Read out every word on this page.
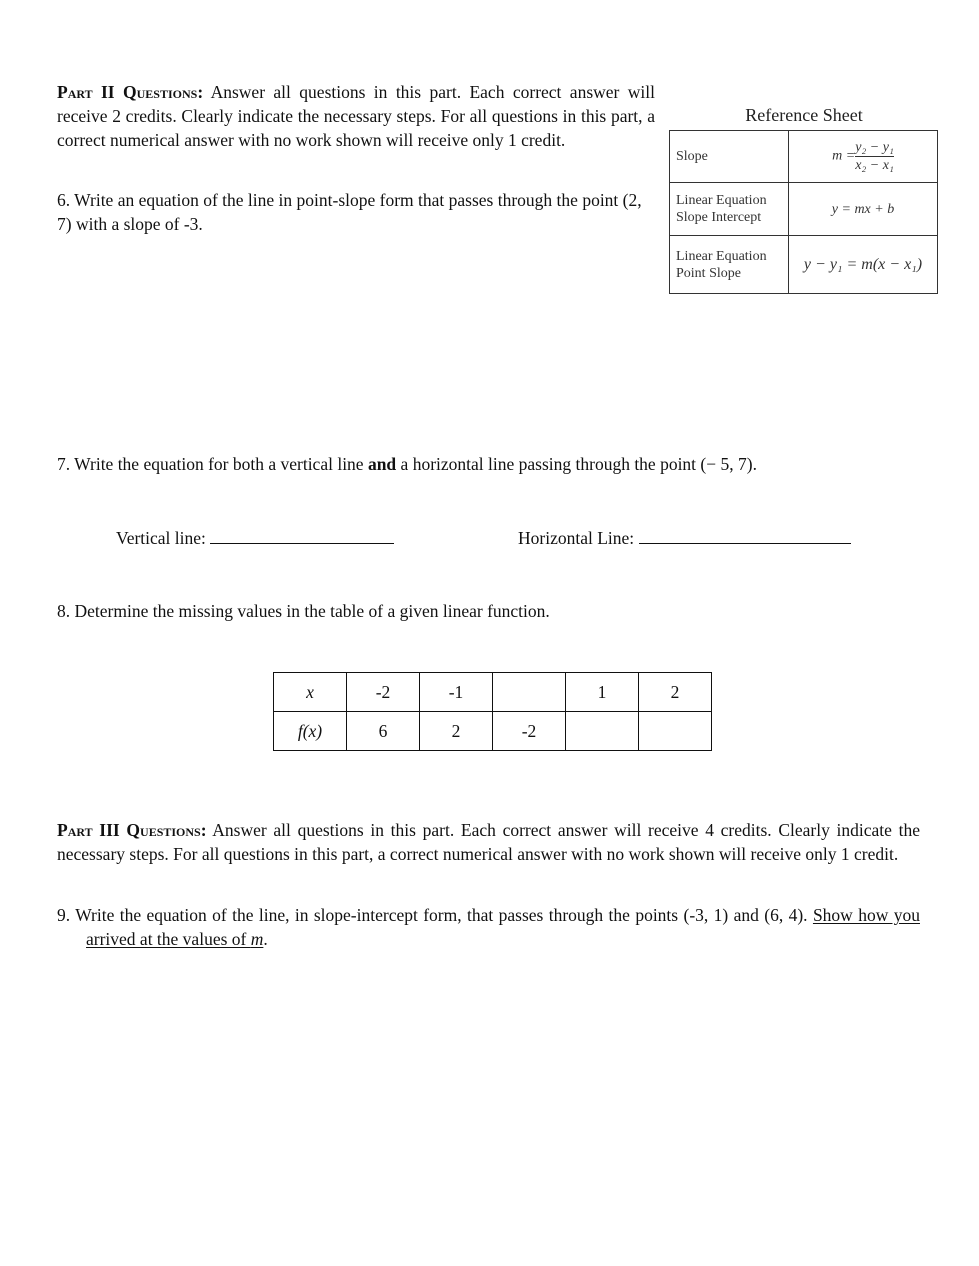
Part II Questions: Answer all questions in this part. Each correct answer will receive 2 credits. Clearly indicate the necessary steps. For all questions in this part, a correct numerical answer with no work shown will receive only 1 credit.

Reference Sheet
Slope	$m = \frac{\text{y₂ − y₁}}{\text{x₂ − x₁}}$

Linear Equation
Slope Intercept	y = mx + b
Linear Equation
Point Slope	y − y₁ = m(x − x₁)

6. Write an equation of the line in point-slope form that passes through the point (2, 7) with a slope of -3.

7. Write the equation for both a vertical line and a horizontal line passing through the point (− 5, 7).

Vertical line:	Horizontal Line:

8. Determine the missing values in the table of a given linear function.

x	-2	-1		1	2
f(x)	6	2	-2		

Part III Questions: Answer all questions in this part. Each correct answer will receive 4 credits. Clearly indicate the necessary steps. For all questions in this part, a correct numerical answer with no work shown will receive only 1 credit.

9. Write the equation of the line, in slope-intercept form, that passes through the points (-3, 1) and (6, 4). Show how you arrived at the values of m.
